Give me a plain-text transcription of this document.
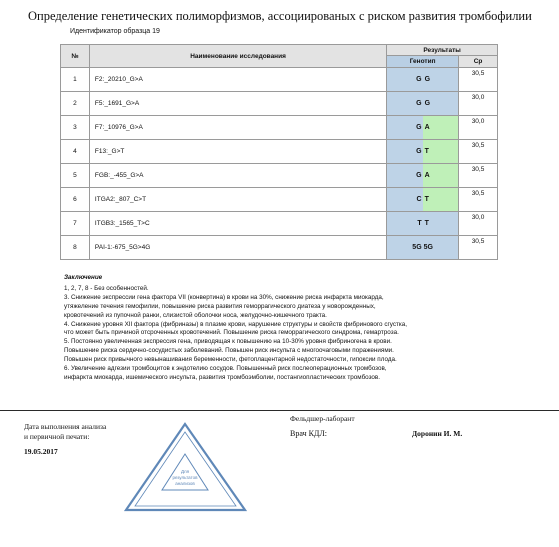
Определение генетических полиморфизмов, ассоциированых с риском развития тромбофилии
Идентификатор образца 19
№	Наименование исследования	Результаты	
		Генотип	Cp
1	F2:_20210_G>A	G G	30,5
2	F5:_1691_G>A	G G	30,0
3	F7:_10976_G>A	G A	30,0
4	F13:_G>T	G T	30,5
5	FGB:_-455_G>A	G A	30,5
6	ITGA2:_807_C>T	C T	30,5
7	ITGB3:_1565_T>C	T T	30,0
8	PAI-1:-675_5G>4G	5G 5G	30,5
Заключение
1, 2, 7, 8 - Без особенностей.
3. Снижение экспрессии гена фактора VII (конвертина) в крови на 30%, снижение риска инфаркта миокарда,
утяжеление течения гемофилии, повышение риска развития геморрагического диатеза у новорожденных,
кровотечений из пупочной ранки, слизистой оболочки носа, желудочно-кишечного тракта.
4. Снижение уровня XII фактора (фибриназы) в плазме крови, нарушение структуры и свойств фибринового сгустка,
что может быть причиной отсроченных кровотечений. Повышение риска геморрагического синдрома, гемартроза.
5. Постоянно увеличенная экспрессия гена, приводящая к повышению на 10-30% уровня фибриногена в крови.
Повышение риска сердечно-сосудистых заболеваний. Повышен риск инсульта с многоочаговыми поражениями.
Повышен риск привычного невынашивания беременности, фетоплацентарной недостаточности, гипоксии плода.
6. Увеличение адгезии тромбоцитов к эндотелию сосудов. Повышенный риск послеоперационных тромбозов,
инфаркта миокарда, ишемического инсульта, развития тромбоэмболии, постангиопластических тромбозов.
Дата выполнения анализа
и первичной печати:
19.05.2017
Фельдшер-лаборант
Врач КДЛ:	Доронин И. М.
Для
результатов
анализов
